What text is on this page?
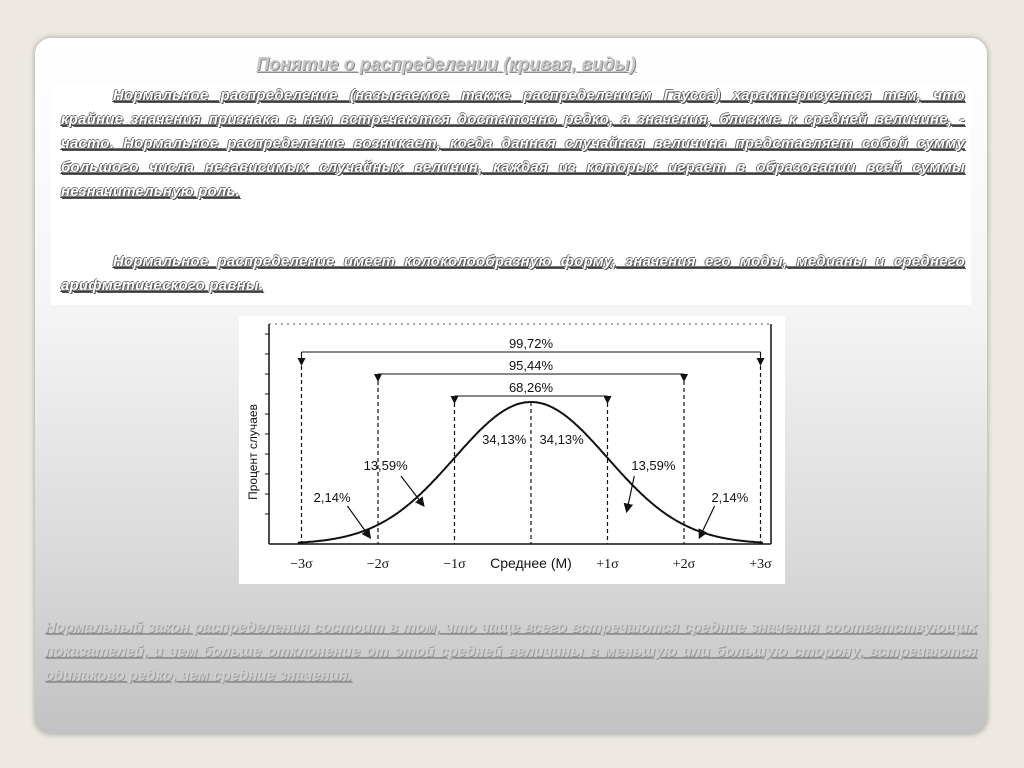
Понятие о распределении (кривая, виды)
Нормальное распределение (называемое также распределением Гаусса) характеризуется тем, что крайние значения признака в нем встречаются достаточно редко, а значения, близкие к средней величине, - часто. Нормальное распределение возникает, когда данная случайная величина представляет собой сумму большого числа независимых случайных величин, каждая из которых играет в образовании всей суммы незначительную роль.
Нормальное распределение имеет колоколообразную форму, значения его моды, медианы и среднего арифметического равны.
99,72%
95,44%
68,26%
2,14%
13,59%
34,13% 34,13%
13,59%
2,14%
−3σ	−2σ	−1σ Среднее (M) +1σ	+2σ	+3σ
Процент случаев
Нормальный закон распределения состоит в том, что чаще всего встречаются средние значения соответствующих показателей, и чем больше отклонение от этой средней величины в меньшую или большую сторону, встречаются одинаково редко, чем средние значения.
